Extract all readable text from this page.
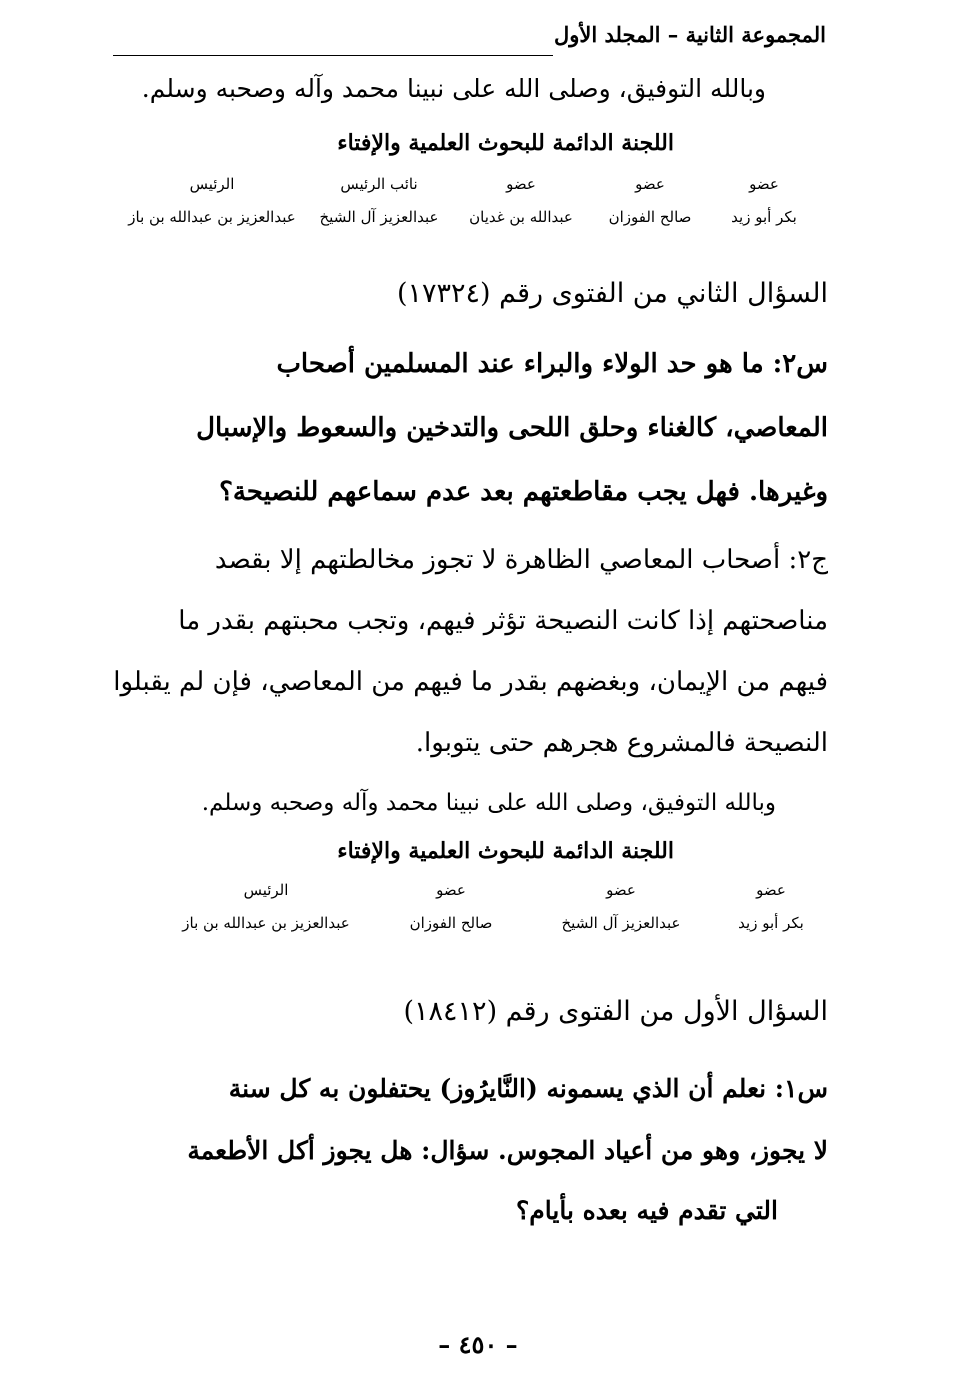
المجموعة الثانية – المجلد الأول
وبالله التوفيق، وصلى الله على نبينا محمد وآله وصحبه وسلم.
اللجنة الدائمة للبحوث العلمية والإفتاء
عضو
بكر أبو زيد
عضو
صالح الفوزان
عضو
عبدالله بن غديان
نائب الرئيس
عبدالعزيز آل الشيخ
الرئيس
عبدالعزيز بن عبدالله بن باز
السؤال الثاني من الفتوى رقم (١٧٣٢٤)
س٢: ما هو حد الولاء والبراء عند المسلمين أصحاب
المعاصي، كالغناء وحلق اللحى والتدخين والسعوط والإسبال
وغيرها. فهل يجب مقاطعتهم بعد عدم سماعهم للنصيحة؟
ج٢: أصحاب المعاصي الظاهرة لا تجوز مخالطتهم إلا بقصد
مناصحتهم إذا كانت النصيحة تؤثر فيهم، وتجب محبتهم بقدر ما
فيهم من الإيمان، وبغضهم بقدر ما فيهم من المعاصي، فإن لم يقبلوا
النصيحة فالمشروع هجرهم حتى يتوبوا.
وبالله التوفيق، وصلى الله على نبينا محمد وآله وصحبه وسلم.
اللجنة الدائمة للبحوث العلمية والإفتاء
عضو
بكر أبو زيد
عضو
عبدالعزيز آل الشيخ
عضو
صالح الفوزان
الرئيس
عبدالعزيز بن عبدالله بن باز
السؤال الأول من الفتوى رقم (١٨٤١٢)
س١: نعلم أن الذي يسمونه (النَّايرُوز) يحتفلون به كل سنة
لا يجوز، وهو من أعياد المجوس. سؤال: هل يجوز أكل الأطعمة
التي تقدم فيه بعده بأيام؟
– ٤٥٠ –
